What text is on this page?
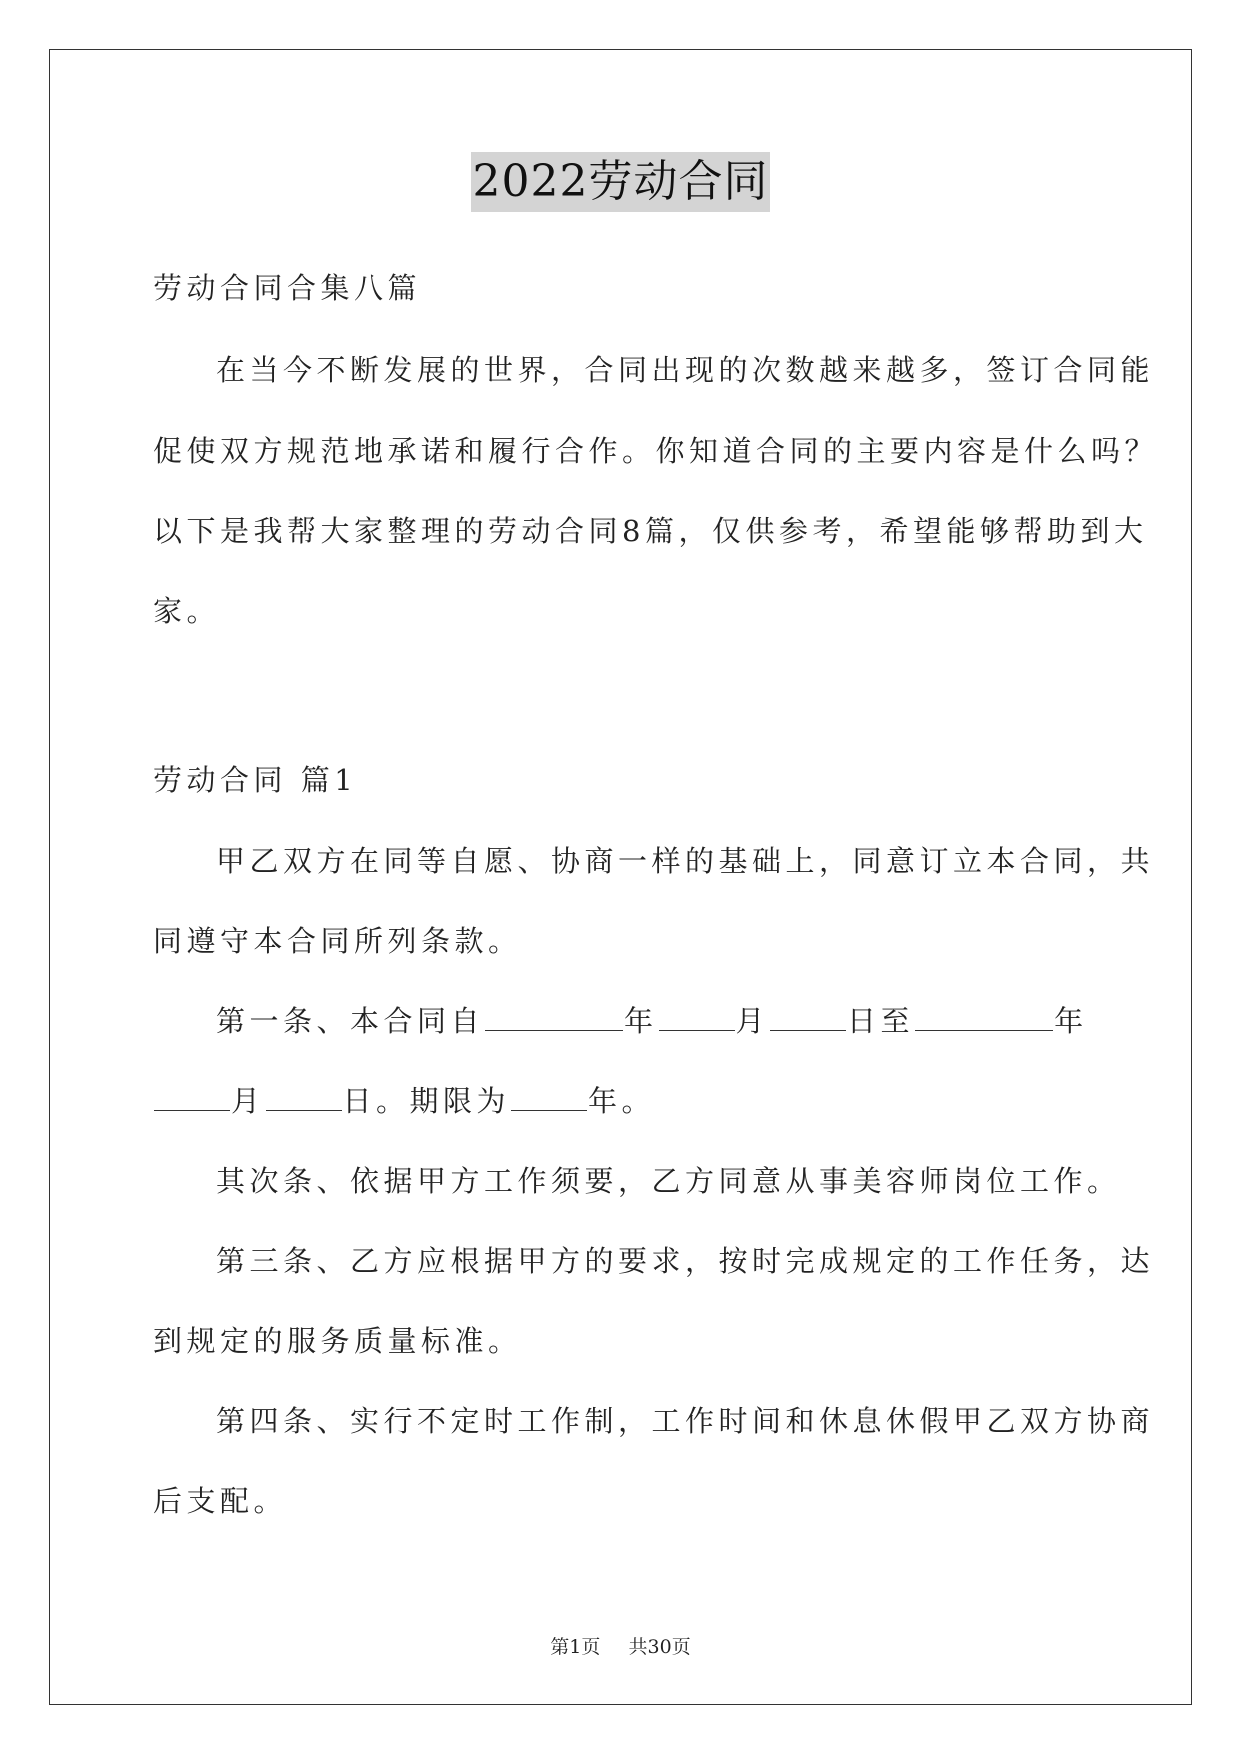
2022劳动合同
劳动合同合集八篇
在当今不断发展的世界，合同出现的次数越来越多，签订合同能
促使双方规范地承诺和履行合作。你知道合同的主要内容是什么吗？
以下是我帮大家整理的劳动合同8篇，仅供参考，希望能够帮助到大
家。
劳动合同 篇1
甲乙双方在同等自愿、协商一样的基础上，同意订立本合同，共
同遵守本合同所列条款。
第一条、本合同自	年	月	日至	年
月	日。期限为	年。
其次条、依据甲方工作须要，乙方同意从事美容师岗位工作。
第三条、乙方应根据甲方的要求，按时完成规定的工作任务，达
到规定的服务质量标准。
第四条、实行不定时工作制，工作时间和休息休假甲乙双方协商
后支配。
第1页 共30页
